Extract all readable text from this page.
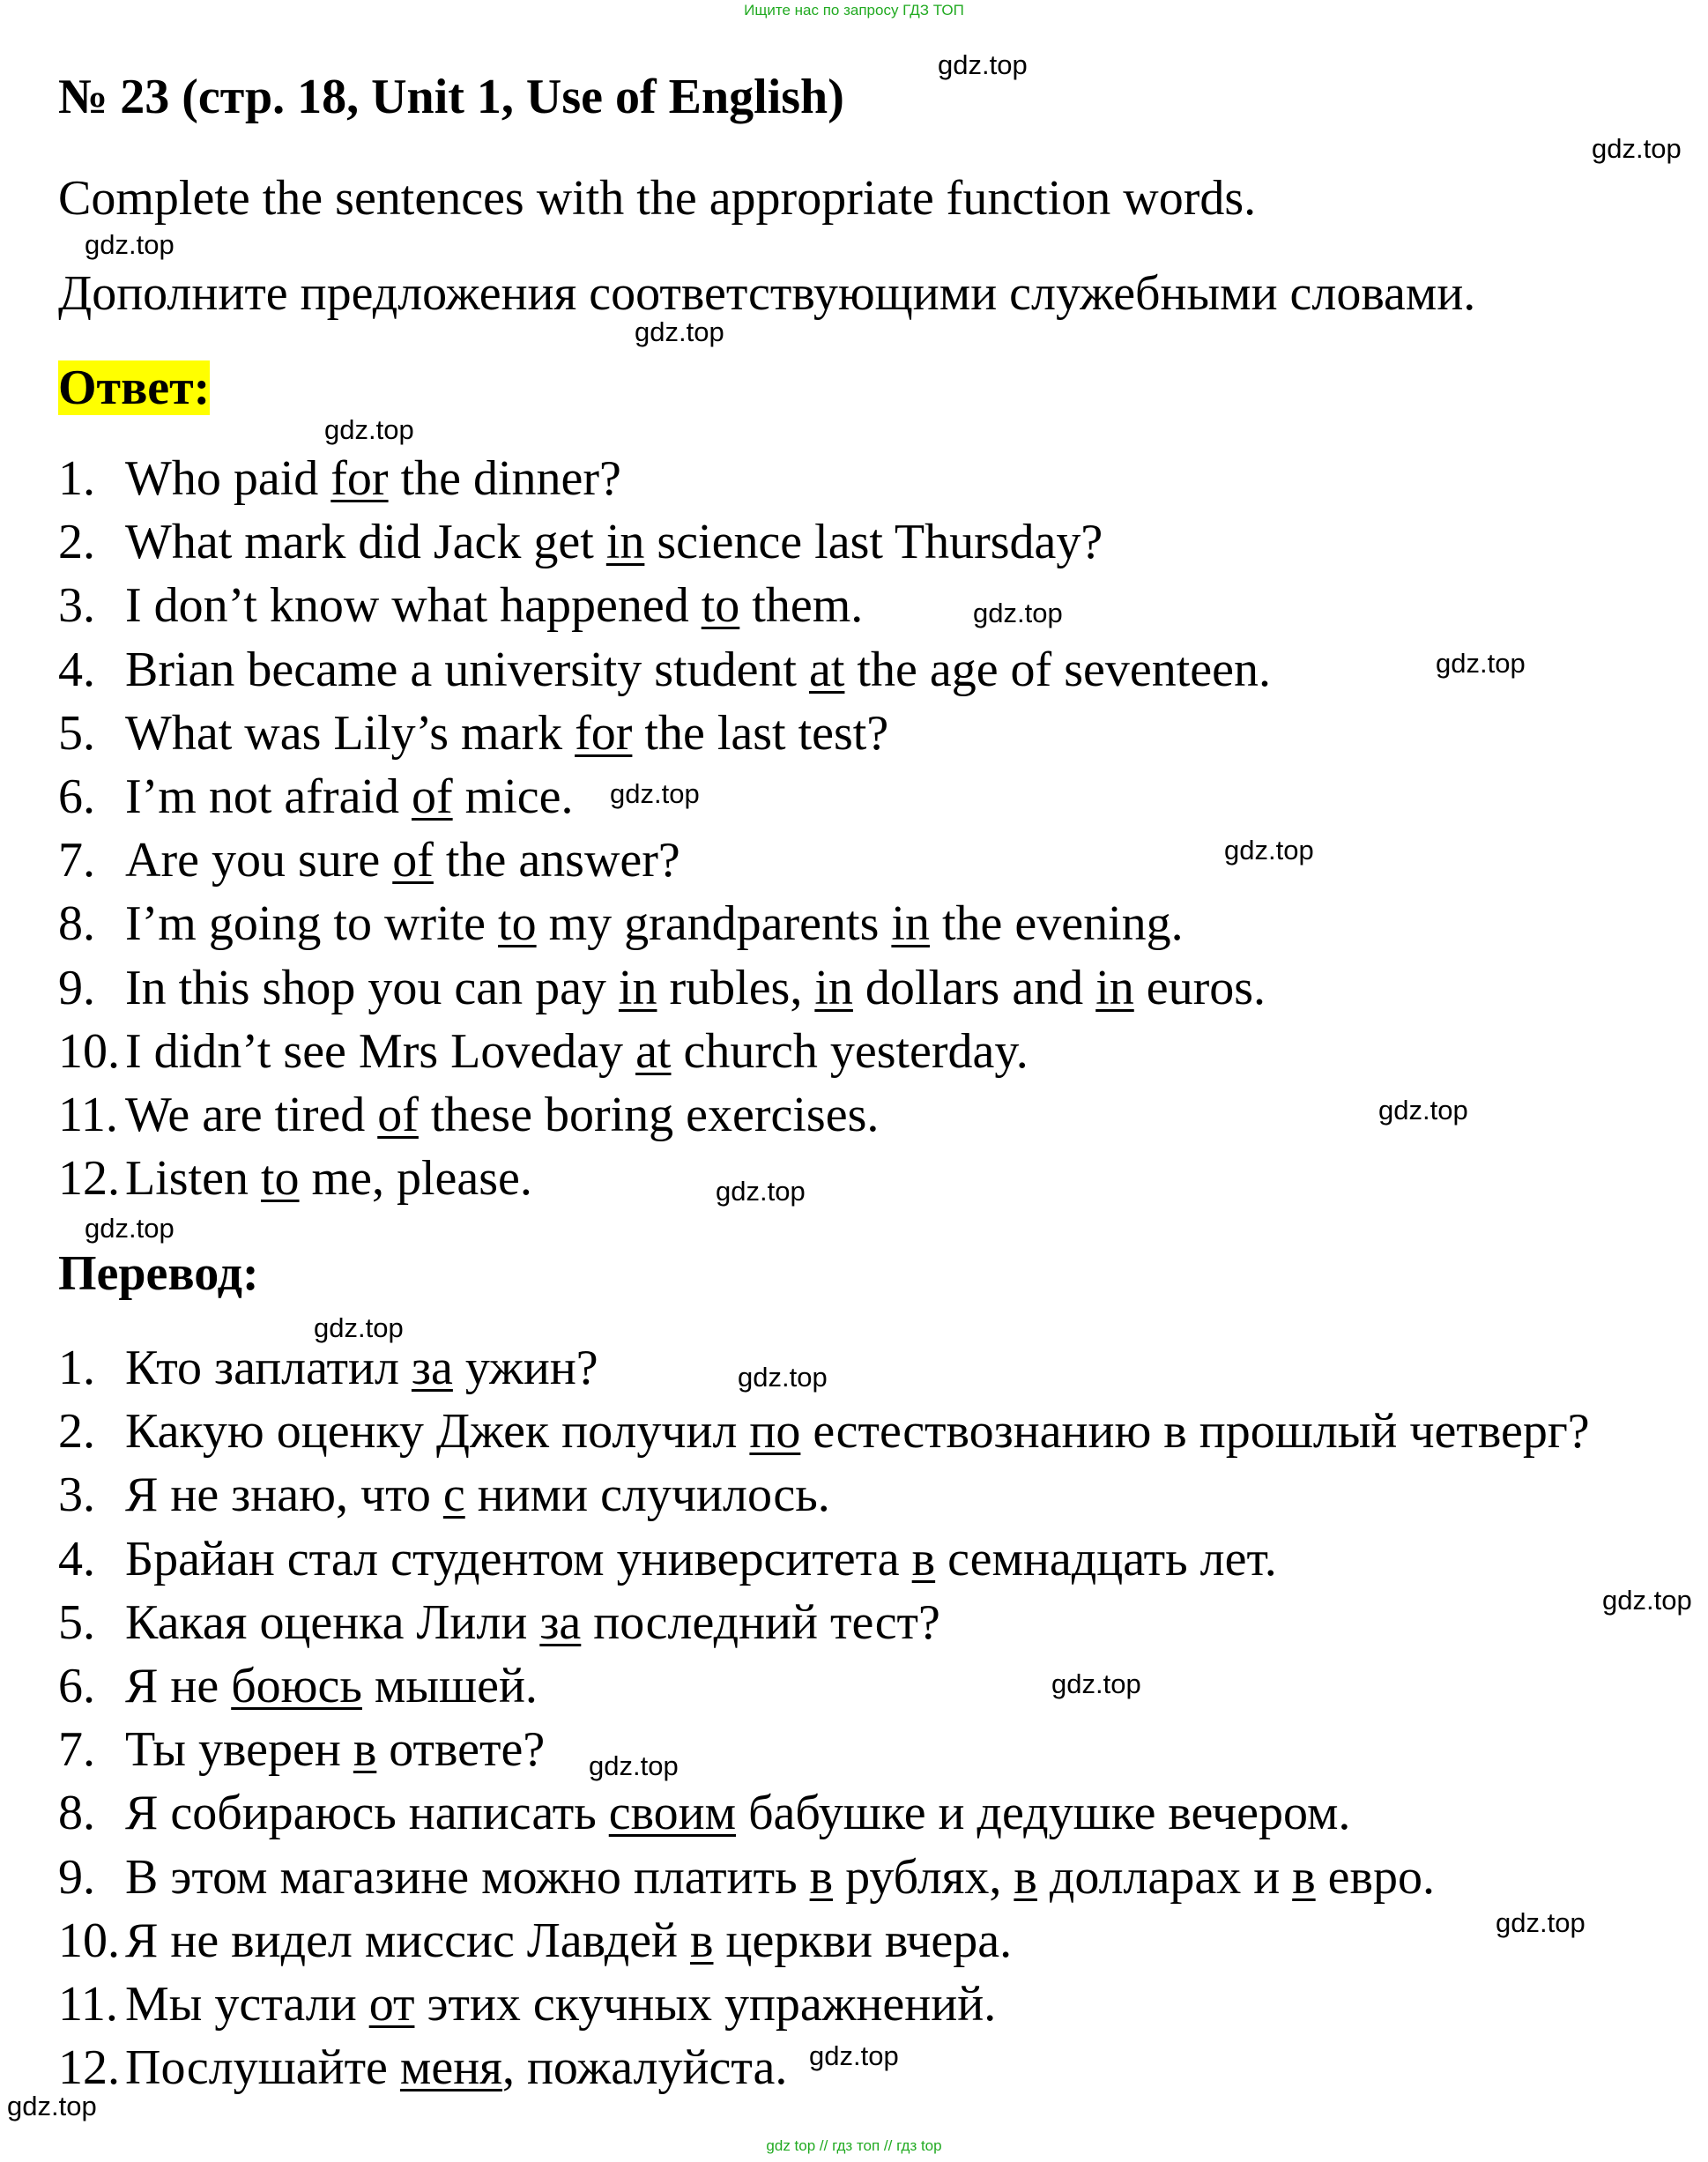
Ищите нас по запросу ГДЗ ТОП
№ 23 (стр. 18, Unit 1, Use of English)
Complete the sentences with the appropriate function words.
Дополните предложения соответствующими служебными словами.
Ответ:
1. Who paid for the dinner?
2. What mark did Jack get in science last Thursday?
3. I don’t know what happened to them.
4. Brian became a university student at the age of seventeen.
5. What was Lily’s mark for the last test?
6. I’m not afraid of mice.
7. Are you sure of the answer?
8. I’m going to write to my grandparents in the evening.
9. In this shop you can pay in rubles, in dollars and in euros.
10. I didn’t see Mrs Loveday at church yesterday.
11. We are tired of these boring exercises.
12. Listen to me, please.
Перевод:
1. Кто заплатил за ужин?
2. Какую оценку Джек получил по естествознанию в прошлый четверг?
3. Я не знаю, что с ними случилось.
4. Брайан стал студентом университета в семнадцать лет.
5. Какая оценка Лили за последний тест?
6. Я не боюсь мышей.
7. Ты уверен в ответе?
8. Я собираюсь написать своим бабушке и дедушке вечером.
9. В этом магазине можно платить в рублях, в долларах и в евро.
10. Я не видел миссис Лавдей в церкви вчера.
11. Мы устали от этих скучных упражнений.
12. Послушайте меня, пожалуйста.
gdz.top
gdz.top
gdz.top
gdz.top
gdz.top
gdz.top
gdz.top
gdz.top
gdz.top
gdz.top
gdz.top
gdz.top
gdz.top
gdz.top
gdz.top
gdz.top
gdz.top
gdz.top
gdz.top
gdz.top
gdz top // гдз топ // гдз top
